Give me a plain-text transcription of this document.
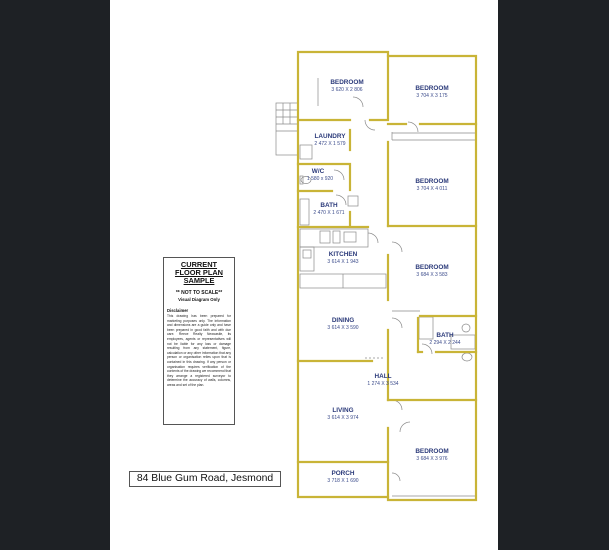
BEDROOM
3 620 X 2 806	BEDROOM
3 704 X 3 175
LAUNDRY
2 472 X 1 579
W/C
1 580 x 920	BEDROOM
3 704 X 4 011
BATH
2 470 X 1 671
KITCHEN
3 614 X 1 943
BEDROOM
3 684 X 3 583
DINING
3 614 X 3 590
BATH
2 294 X 2 244
HALL
1 274 X 3 534
LIVING
3 614 X 3 974
BEDROOM
3 684 X 3 976
PORCH
3 718 X 1 690
CURRENT
FLOOR PLAN
SAMPLE
** NOT TO SCALE**
Visual Diagram Only
Disclaimer
This drawing has been prepared for marketing purposes only. The information and dimensions are a guide only and have been prepared in good faith and with due care. Reece Realty Newcastle, its employees, agents or representatives will not be liable for any loss or damage resulting from any statement, figure, calculation or any other information that any person or organisation relies upon that is contained in this drawing. If any person or organisation requires verification of the contents of the drawing we recommend that they arrange a registered surveyor to determine the accuracy of walls, columns, areas and set of the plan.
84 Blue Gum Road, Jesmond
